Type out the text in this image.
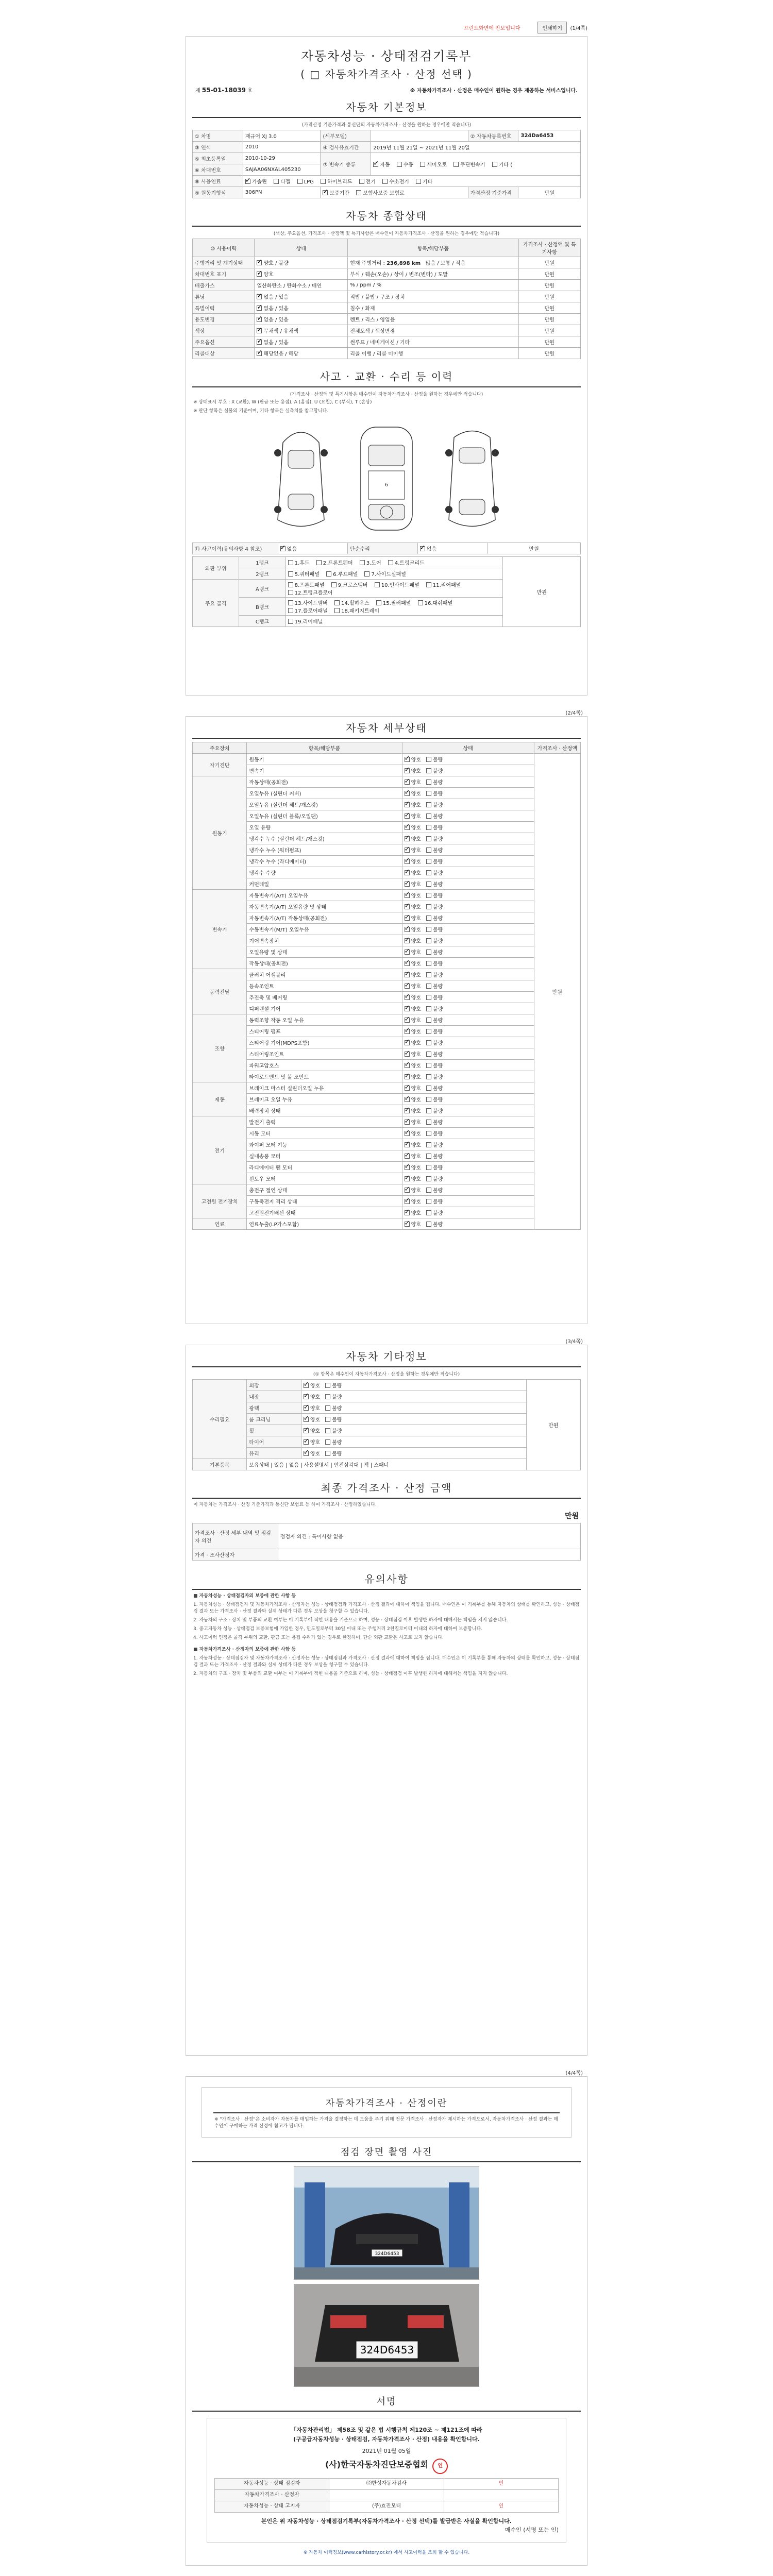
프린트화면에 안보입니다	인쇄하기	(1/4쪽)
자동차성능 · 상태점검기록부
( □ 자동차가격조사 · 산정 선택 )
제 55-01-18039 호	※ 자동차가격조사 · 산정은 매수인이 원하는 경우 제공하는 서비스입니다.
자동차 기본정보
(가격산정 기준가격과 통신단의 자동차가격조사 · 산정을 원하는 경우에만 적습니다)
① 차명	재규어 XJ 3.0	(세부모델)		② 자동차등록번호	324Da6453
③ 연식	2010	④ 검사유효기간	2019년 11월 21일 ~ 2021년 11월 20일		
⑤ 최초등록일	2010-10-29	⑦ 변속기 종류	✓자동 수동 세미오토 무단변속기 기타 (
⑥ 차대번호	SAJAA06NXAL405230				
⑧ 사용연료	✓가솔린 디젤 LPG 하이브리드 전기 수소전기 기타
⑨ 원동기형식	306PN	✓보증기간 보험사보증 보험료		가격산정 기준가격	만원
자동차 종합상태
(색상, 주요옵션, 가격조사 · 산정액 및 특기사항은 매수인이 자동차가격조사 · 산정을 원하는 경우에만 적습니다)
⑩ 사용이력	상태	항목/해당부품	가격조사 · 산정액 및 특기사항
주행거리 및 계기상태	✓양호 / 불량	현재 주행거리 : 236,898 km 많음 / 보통 / 적음	만원
차대번호 표기	✓양호	부식 / 훼손(오손) / 상이 / 변조(변타) / 도말	만원
배출가스	일산화탄소 / 탄화수소 / 매연	% / ppm / %	만원
튜닝	✓없음 / 있음	적법 / 불법 / 구조 / 장치	만원
특별이력	✓없음 / 있음	침수 / 화재	만원
용도변경	✓없음 / 있음	렌트 / 리스 / 영업용	만원
색상	✓무채색 / 유채색	전체도색 / 색상변경	만원
주요옵션	✓없음 / 있음	썬루프 / 네비게이션 / 기타	만원
리콜대상	✓해당없음 / 해당	리콜 이행 / 리콜 미이행	만원
사고 · 교환 · 수리 등 이력
(가격조사 · 산정액 및 특기사항은 매수인이 자동차가격조사 · 산정을 원하는 경우에만 적습니다)
※ 상태표시 부호 : X (교환), W (판금 또는 용접), A (흠집), U (요철), C (부식), T (손상)
※ 판단 항목은 실물의 기준이며, 기타 항목은 실측치를 참고합니다.
6
⑪ 사고이력(유의사항 4 참조)	✓없음	단순수리	✓없음	만원
외판 부위	1랭크	1.후드 2.프론트펜더 3.도어 4.트렁크리드	만원
	2랭크	5.쿼터패널 6.루프패널 7.사이드실패널	
주요 골격	A랭크	8.프론트패널 9.크로스멤버 10.인사이드패널 11.리어패널 12.트렁크플로어	
	B랭크	13.사이드멤버 14.휠하우스 15.필러패널 16.대쉬패널 17.플로어패널 18.패키지트레이	
	C랭크	19.리어패널	
(2/4쪽)
자동차 세부상태
주요장치	항목/해당부품	상태	가격조사 · 산정액
자기진단	원동기	✓양호 불량	만원
	변속기	✓양호 불량
원동기	작동상태(공회전)	✓양호 불량
	오일누유 (실린더 커버)	✓양호 불량
	오일누유 (실린더 헤드/개스킷)	✓양호 불량
	오일누유 (실린더 블록/오일팬)	✓양호 불량
	오일 유량	✓양호 불량
	냉각수 누수 (실린더 헤드/개스킷)	✓양호 불량
	냉각수 누수 (워터펌프)	✓양호 불량
	냉각수 누수 (라디에이터)	✓양호 불량
	냉각수 수량	✓양호 불량
	커먼레일	✓양호 불량
변속기	자동변속기(A/T) 오일누유	✓양호 불량
	자동변속기(A/T) 오일유량 및 상태	✓양호 불량
	자동변속기(A/T) 작동상태(공회전)	✓양호 불량
	수동변속기(M/T) 오일누유	✓양호 불량
	기어변속장치	✓양호 불량
	오일유량 및 상태	✓양호 불량
	작동상태(공회전)	✓양호 불량
동력전달	클러치 어셈블리	✓양호 불량
	등속조인트	✓양호 불량
	추진축 및 베어링	✓양호 불량
	디퍼렌셜 기어	✓양호 불량
조향	동력조향 작동 오일 누유	✓양호 불량
	스티어링 펌프	✓양호 불량
	스티어링 기어(MDPS포함)	✓양호 불량
	스티어링조인트	✓양호 불량
	파워고압호스	✓양호 불량
	타이로드엔드 및 볼 조인트	✓양호 불량
제동	브레이크 마스터 실린더오일 누유	✓양호 불량
	브레이크 오일 누유	✓양호 불량
	배력장치 상태	✓양호 불량
전기	발전기 출력	✓양호 불량
	시동 모터	✓양호 불량
	와이퍼 모터 기능	✓양호 불량
	실내송풍 모터	✓양호 불량
	라디에이터 팬 모터	✓양호 불량
	윈도우 모터	✓양호 불량
고전원 전기장치	충전구 절연 상태	✓양호 불량
	구동축전지 격리 상태	✓양호 불량
	고전원전기배선 상태	✓양호 불량
연료	연료누출(LP가스포함)	✓양호 불량
(3/4쪽)
자동차 기타정보
(① 항목은 매수인이 자동차가격조사 · 산정을 원하는 경우에만 적습니다)
수리필요	외장	✓양호 불량	만원
	내장	✓양호 불량
	광택	✓양호 불량
	룸 크리닝	✓양호 불량
	휠	✓양호 불량
	타이어	✓양호 불량
	유리	✓양호 불량
기본품목	보유상태 | 있음 | 없음 | 사용설명서 | 안전삼각대 | 잭 | 스패너		
최종 가격조사 · 산정 금액
이 자동차는 가격조사 · 산정 기준가격과 통신단 보험료 등 하여 가격조사 · 산정하였습니다.
만원
가격조사 · 산정 세부 내역 및 점검자 의견	점검자 의견 : 특이사항 없음
가격 · 조사산정자	
유의사항
■ 자동차성능 · 상태점검자의 보증에 관한 사항 등
1. 자동차성능 · 상태점검자 및 자동차가격조사 · 산정자는 성능 · 상태점검과 가격조사 · 산정 결과에 대하여 책임을 집니다. 매수인은 이 기록부를 통해 자동차의 상태를 확인하고, 성능 · 상태점검 결과 또는 가격조사 · 산정 결과와 실제 상태가 다른 경우 보상을 청구할 수 있습니다.
2. 자동차의 구조 · 장치 및 부품의 교환 여부는 이 기록부에 적힌 내용을 기준으로 하며, 성능 · 상태점검 이후 발생한 하자에 대해서는 책임을 지지 않습니다.
3. 중고자동차 성능 · 상태점검 보증보험에 가입한 경우, 인도일로부터 30일 이내 또는 주행거리 2천킬로미터 이내의 하자에 대하여 보증합니다.
4. 사고이력 인정은 골격 부위의 교환, 판금 또는 용접 수리가 있는 경우로 한정하며, 단순 외판 교환은 사고로 보지 않습니다.
■ 자동차가격조사 · 산정자의 보증에 관한 사항 등
1. 자동차성능 · 상태점검자 및 자동차가격조사 · 산정자는 성능 · 상태점검과 가격조사 · 산정 결과에 대하여 책임을 집니다. 매수인은 이 기록부를 통해 자동차의 상태를 확인하고, 성능 · 상태점검 결과 또는 가격조사 · 산정 결과와 실제 상태가 다른 경우 보상을 청구할 수 있습니다.
2. 자동차의 구조 · 장치 및 부품의 교환 여부는 이 기록부에 적힌 내용을 기준으로 하며, 성능 · 상태점검 이후 발생한 하자에 대해서는 책임을 지지 않습니다.
(4/4쪽)
자동차가격조사 · 산정이란
※ "가격조사 · 산정"은 소비자가 자동차를 매입하는 가격을 결정하는 데 도움을 주기 위해 전문 가격조사 · 산정자가 제시하는 가격으로서, 자동차가격조사 · 산정 결과는 매수인이 구매하는 가격 산정에 참고가 됩니다.
점검 장면 촬영 사진
324D6453
324D6453
서명
「자동차관리법」 제58조 및 같은 법 시행규칙 제120조 ~ 제121조에 따라
(구공급자동차성능 · 상태점검, 자동차가격조사 · 산정) 내용을 확인합니다.
2021년 01월 05일
(사)한국자동차진단보증협회 인
자동차성능 · 상태 점검자	㈜한성자동차검사	인
자동차가격조사 · 산정자		
자동차성능 · 상태 고지자	(주)효진모터	인
본인은 위 자동차성능 · 상태점검기록부(자동차가격조사 · 산정 선택)를 발급받은 사실을 확인합니다.
매수인 (서명 또는 인)
※ 자동차 이력정보(www.carhistory.or.kr) 에서 사고이력을 조회 할 수 있습니다.
